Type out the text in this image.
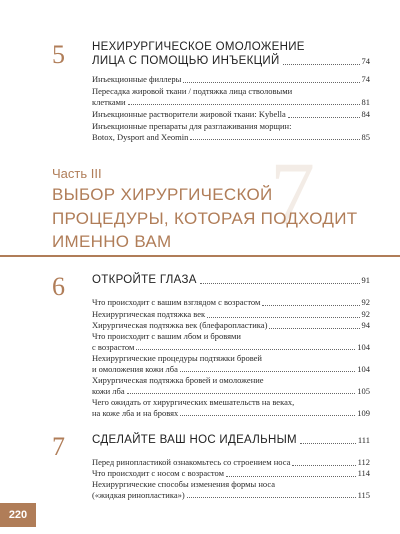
5	НЕХИРУРГИЧЕСКОЕ ОМОЛОЖЕНИЕ
ЛИЦА С ПОМОЩЬЮ ИНЪЕКЦИЙ	74
Инъекционные филлеры	74
Пересадка жировой ткани / подтяжка лица стволовыми
клетками	81
Инъекционные растворители жировой ткани: Kybella	84
Инъекционные препараты для разглаживания морщин:
Botox, Dysport and Xeomin	85
7
Часть III
ВЫБОР ХИРУРГИЧЕСКОЙ ПРОЦЕДУРЫ, КОТОРАЯ ПОДХОДИТ ИМЕННО ВАМ
6	ОТКРОЙТЕ ГЛАЗА	91
Что происходит с вашим взглядом с возрастом	92
Нехирургическая подтяжка век	92
Хирургическая подтяжка век (блефаропластика)	94
Что происходит с вашим лбом и бровями
с возрастом	104
Нехирургические процедуры подтяжки бровей
и омоложения кожи лба	104
Хирургическая подтяжка бровей и омоложение
кожи лба	105
Чего ожидать от хирургических вмешательств на веках,
на коже лба и на бровях	109
7	СДЕЛАЙТЕ ВАШ НОС ИДЕАЛЬНЫМ	111
Перед ринопластикой ознакомьтесь со строением носа	112
Что происходит с носом с возрастом	114
Нехирургические способы изменения формы носа
(«жидкая ринопластика»)	115
220
